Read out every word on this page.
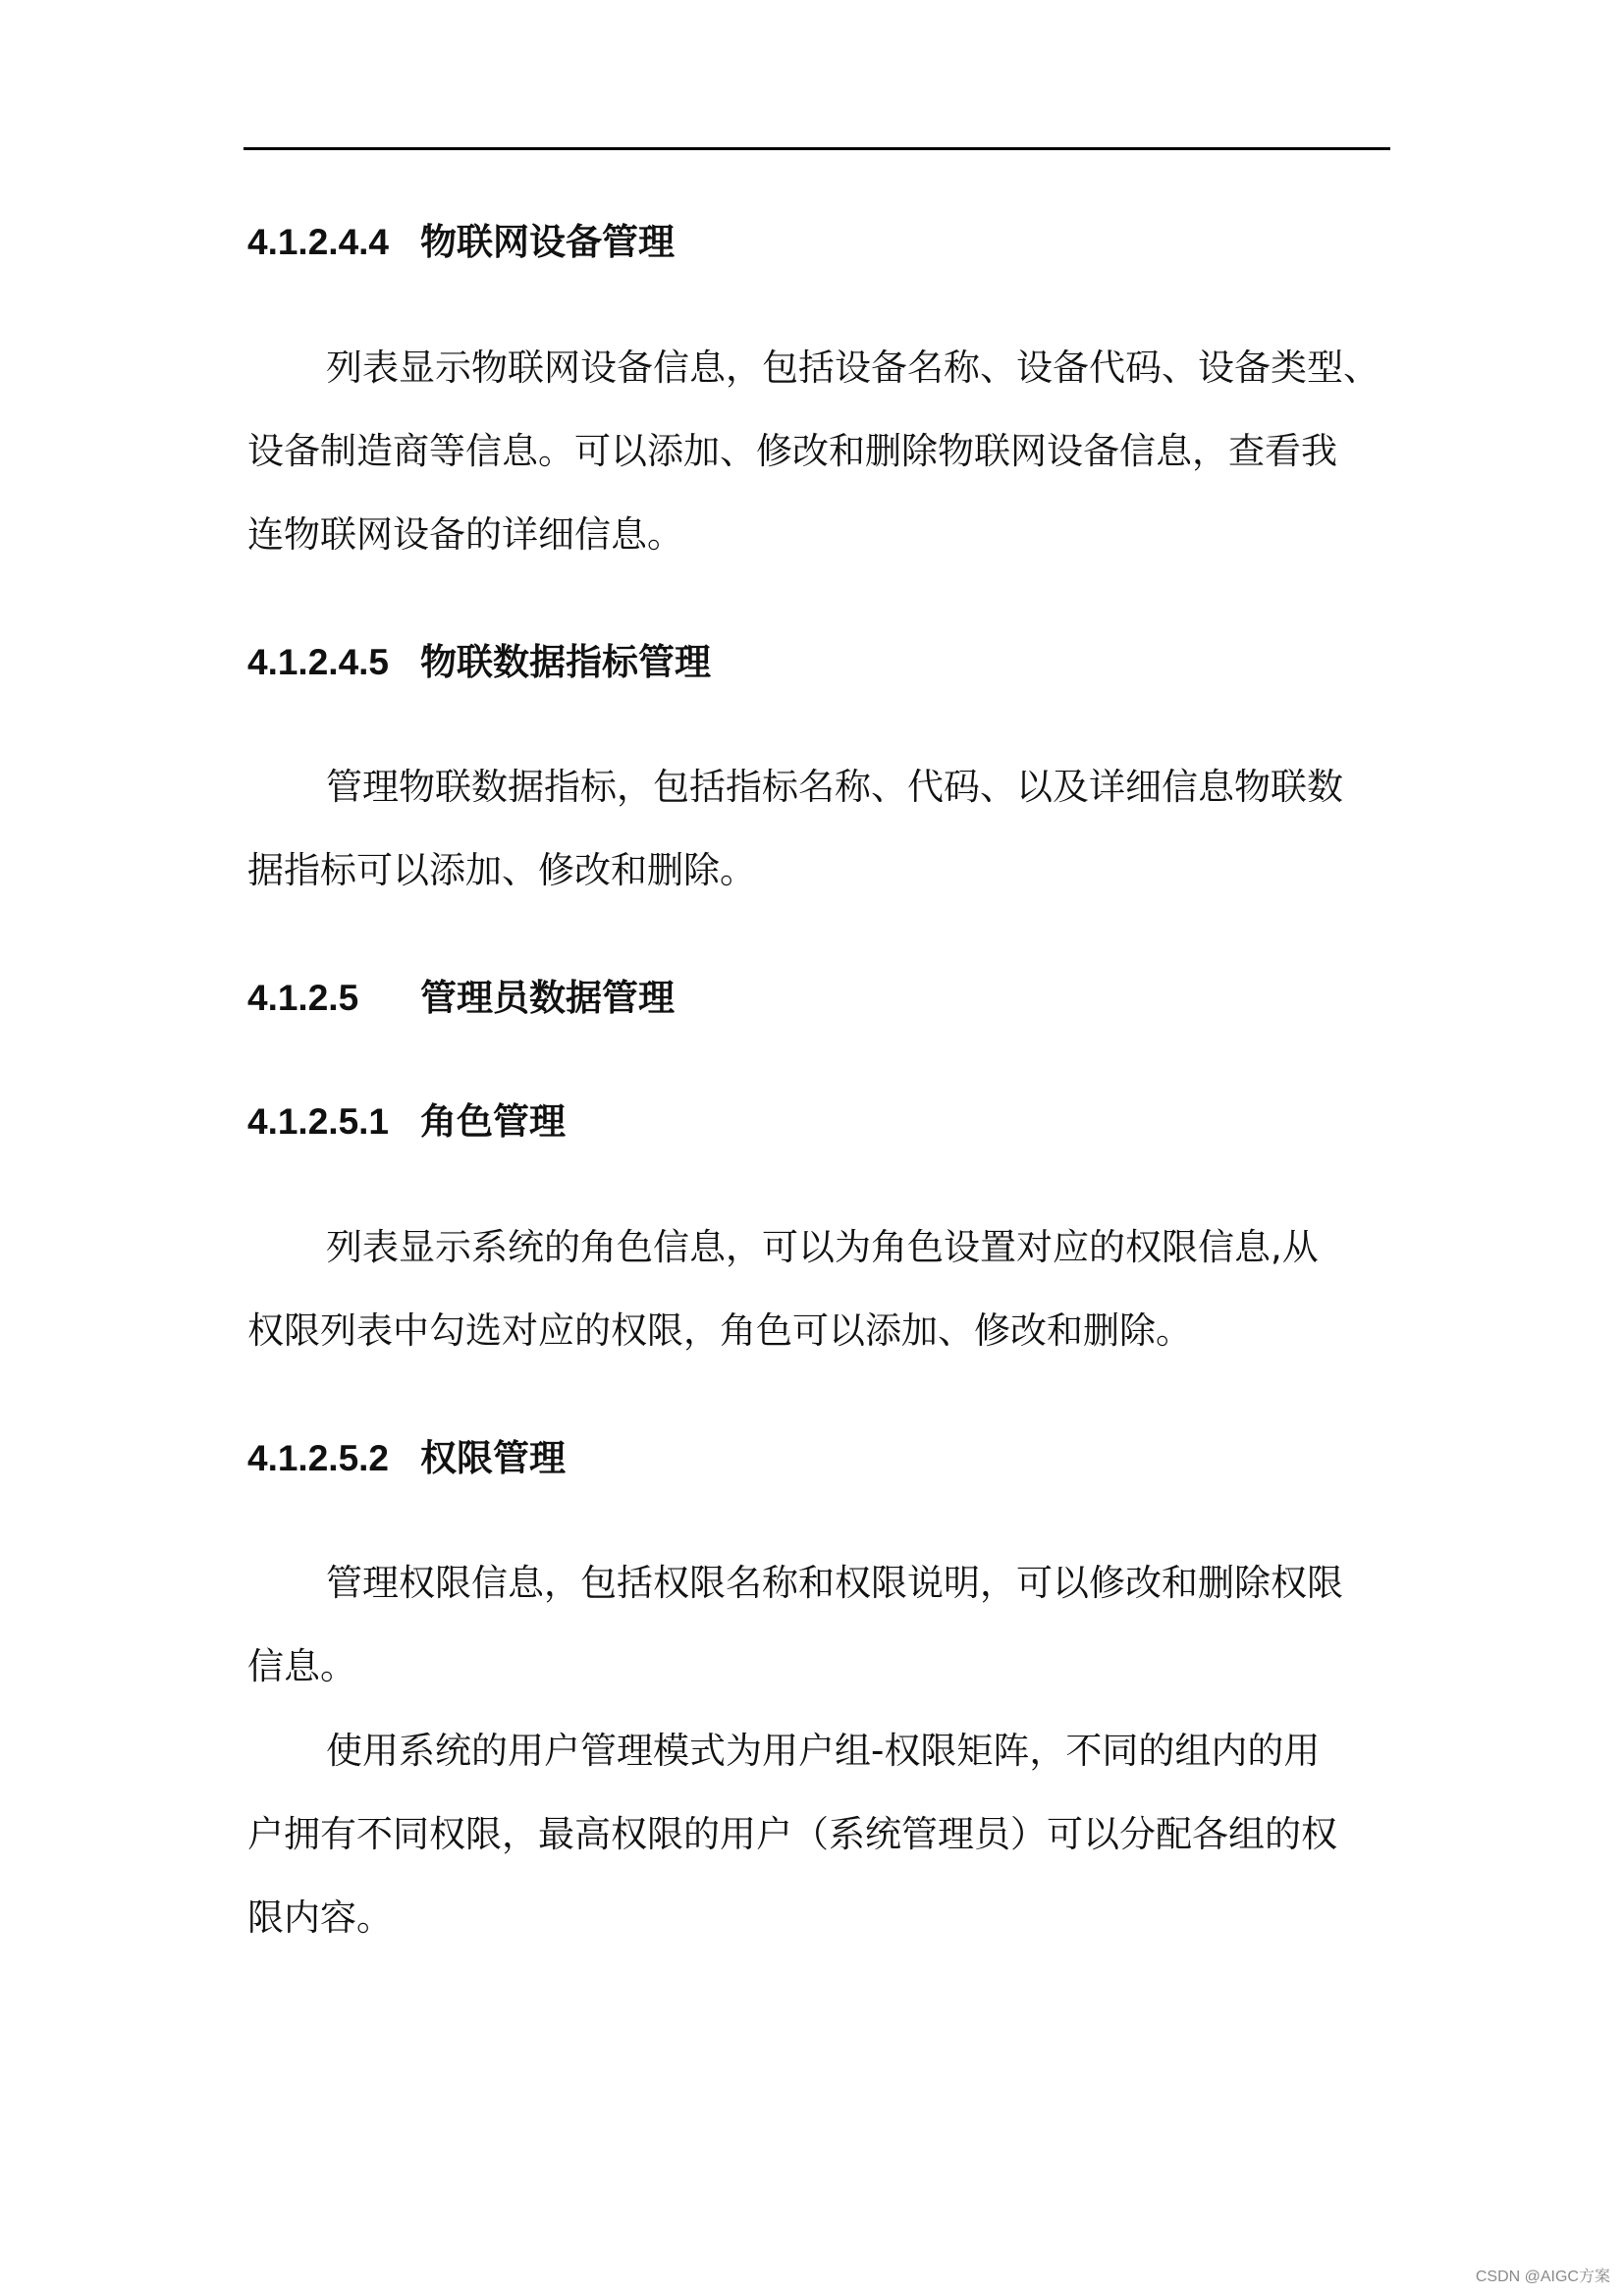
4.1.2.4.4 物联网设备管理
列表显示物联网设备信息，包括设备名称、设备代码、设备类型、
设备制造商等信息。可以添加、修改和删除物联网设备信息，查看我
连物联网设备的详细信息。
4.1.2.4.5 物联数据指标管理
管理物联数据指标，包括指标名称、代码、以及详细信息物联数
据指标可以添加、修改和删除。
4.1.2.5 管理员数据管理
4.1.2.5.1 角色管理
列表显示系统的角色信息，可以为角色设置对应的权限信息,从
权限列表中勾选对应的权限，角色可以添加、修改和删除。
4.1.2.5.2 权限管理
管理权限信息，包括权限名称和权限说明，可以修改和删除权限
信息。
使用系统的用户管理模式为用户组-权限矩阵，不同的组内的用
户拥有不同权限，最高权限的用户（系统管理员）可以分配各组的权
限内容。
CSDN @AIGC方案
